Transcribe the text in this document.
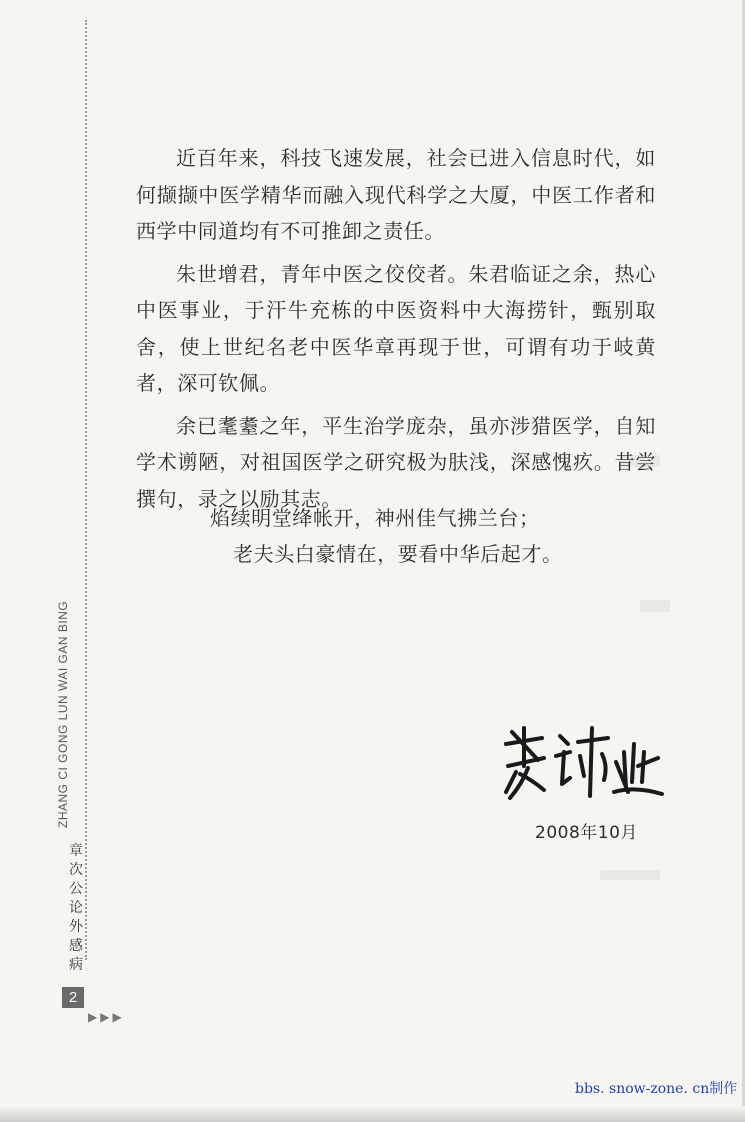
ZHANG CI GONG LUN WAI GAN BING
章次公论外感病
2
▶▶▶

近百年来，科技飞速发展，社会已进入信息时代，如何撷撷中医学精华而融入现代科学之大厦，中医工作者和西学中同道均有不可推卸之责任。

朱世增君，青年中医之佼佼者。朱君临证之余，热心中医事业，于汗牛充栋的中医资料中大海捞针，甄别取舍，使上世纪名老中医华章再现于世，可谓有功于岐黄者，深可钦佩。

余已耄耋之年，平生治学庞杂，虽亦涉猎医学，自知学术谫陋，对祖国医学之研究极为肤浅，深感愧疚。昔尝撰句，录之以励其志。

焰续明堂绛帐开，神州佳气拂兰台；
老夫头白豪情在，要看中华后起才。
2008年10月
bbs. snow-zone. cn制作
